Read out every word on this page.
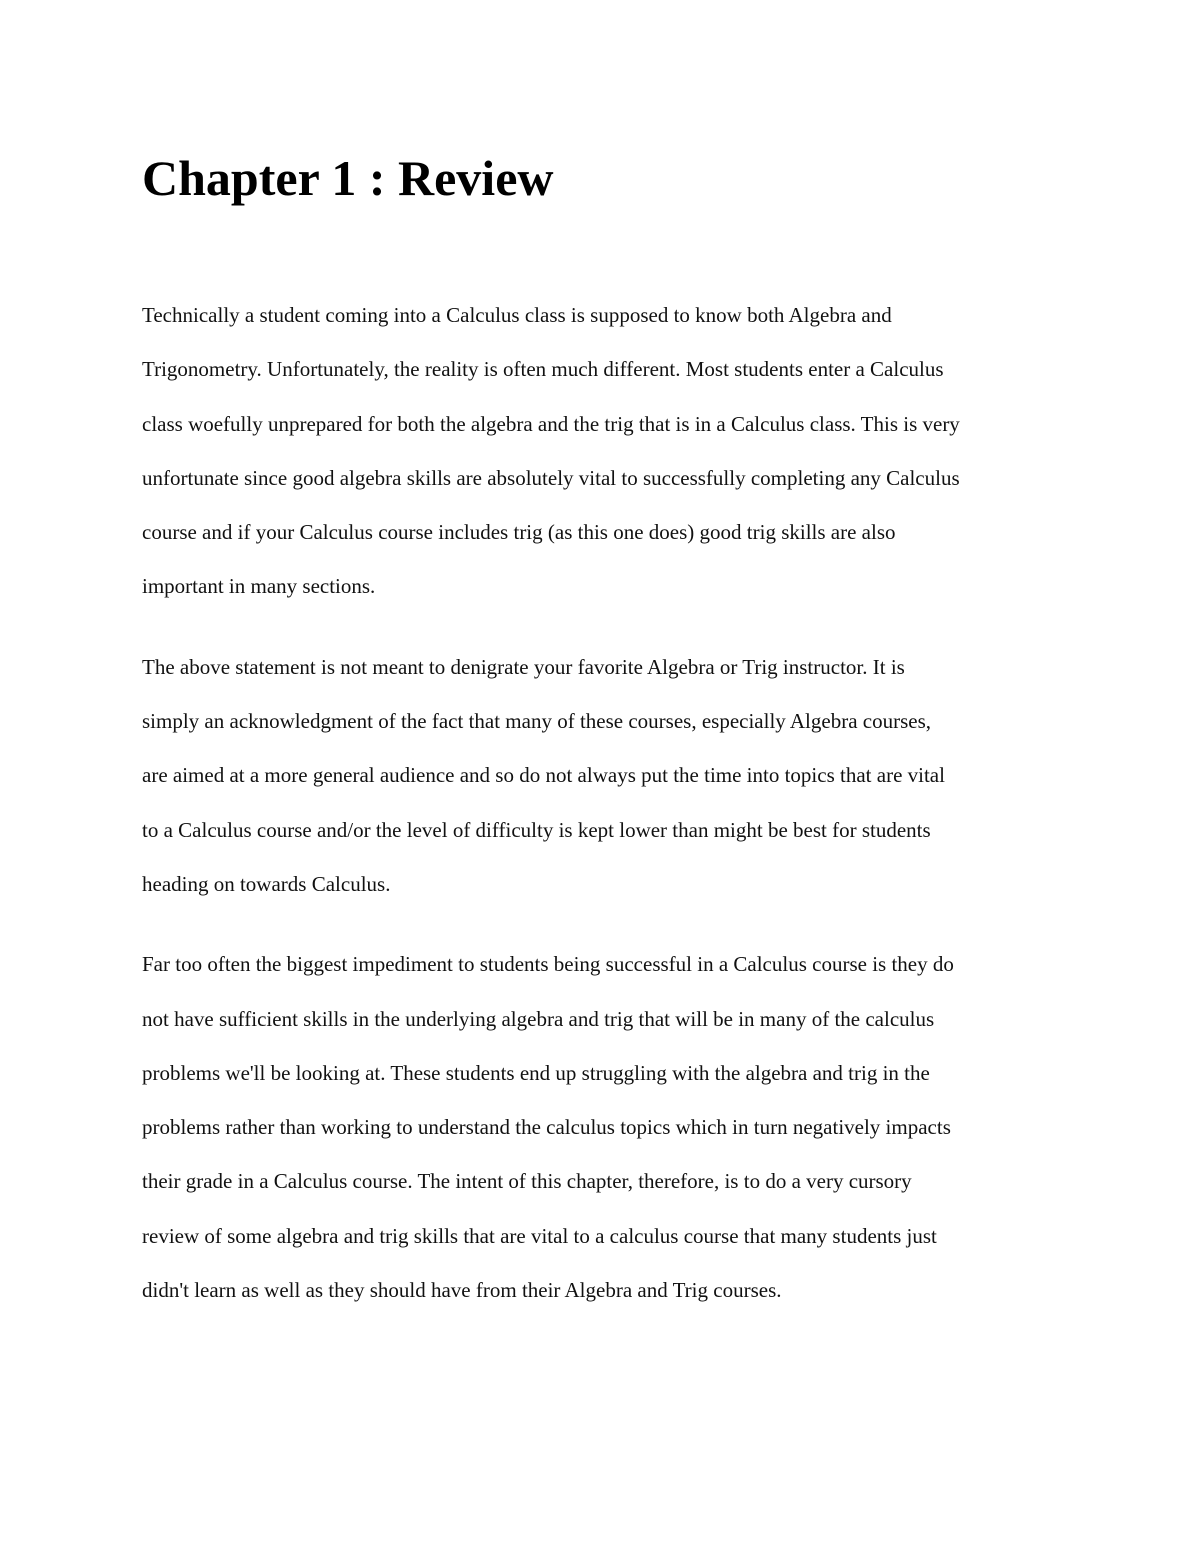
Chapter 1 : Review

Technically a student coming into a Calculus class is supposed to know both Algebra and
Trigonometry. Unfortunately, the reality is often much different. Most students enter a Calculus
class woefully unprepared for both the algebra and the trig that is in a Calculus class. This is very
unfortunate since good algebra skills are absolutely vital to successfully completing any Calculus
course and if your Calculus course includes trig (as this one does) good trig skills are also
important in many sections.

The above statement is not meant to denigrate your favorite Algebra or Trig instructor. It is
simply an acknowledgment of the fact that many of these courses, especially Algebra courses,
are aimed at a more general audience and so do not always put the time into topics that are vital
to a Calculus course and/or the level of difficulty is kept lower than might be best for students
heading on towards Calculus.

Far too often the biggest impediment to students being successful in a Calculus course is they do
not have sufficient skills in the underlying algebra and trig that will be in many of the calculus
problems we'll be looking at. These students end up struggling with the algebra and trig in the
problems rather than working to understand the calculus topics which in turn negatively impacts
their grade in a Calculus course. The intent of this chapter, therefore, is to do a very cursory
review of some algebra and trig skills that are vital to a calculus course that many students just
didn't learn as well as they should have from their Algebra and Trig courses.
